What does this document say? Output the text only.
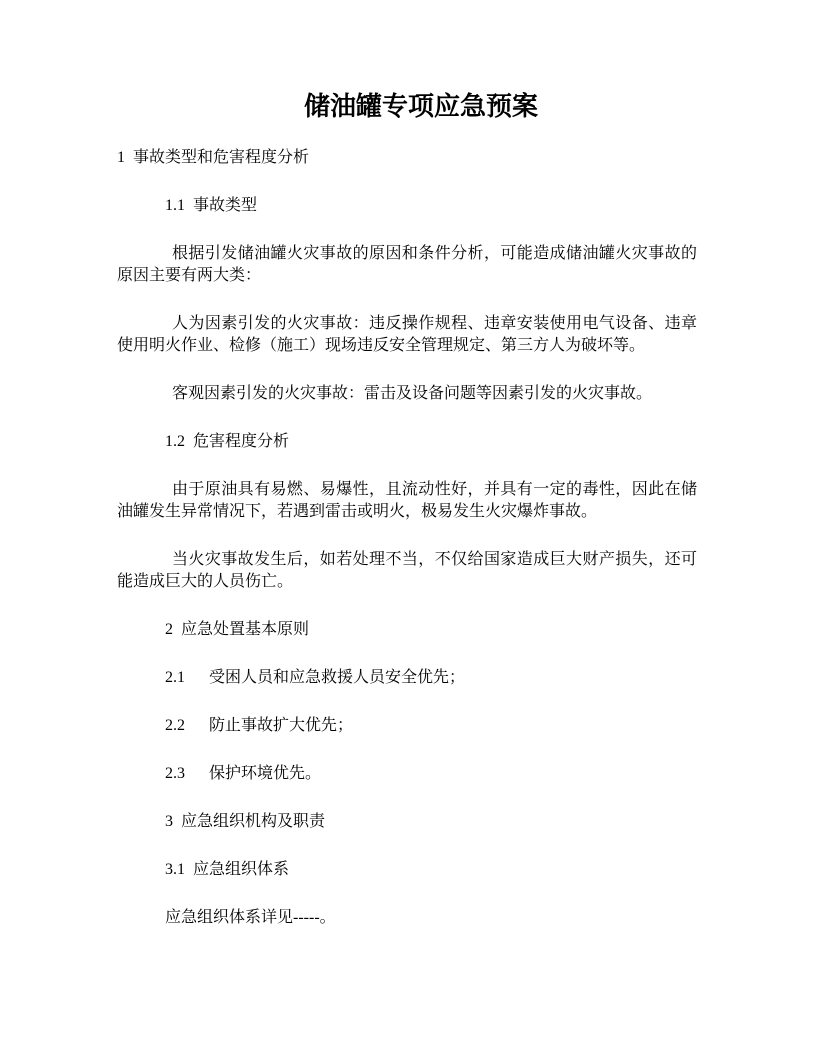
储油罐专项应急预案
1 事故类型和危害程度分析
1.1 事故类型
根据引发储油罐火灾事故的原因和条件分析，可能造成储油罐火灾事故的原因主要有两大类：
人为因素引发的火灾事故：违反操作规程、违章安装使用电气设备、违章使用明火作业、检修（施工）现场违反安全管理规定、第三方人为破坏等。
客观因素引发的火灾事故：雷击及设备问题等因素引发的火灾事故。
1.2 危害程度分析
由于原油具有易燃、易爆性，且流动性好，并具有一定的毒性，因此在储油罐发生异常情况下，若遇到雷击或明火，极易发生火灾爆炸事故。
当火灾事故发生后，如若处理不当，不仅给国家造成巨大财产损失，还可能造成巨大的人员伤亡。
2 应急处置基本原则
2.1 受困人员和应急救援人员安全优先；
2.2 防止事故扩大优先；
2.3 保护环境优先。
3 应急组织机构及职责
3.1 应急组织体系
应急组织体系详见-----。
